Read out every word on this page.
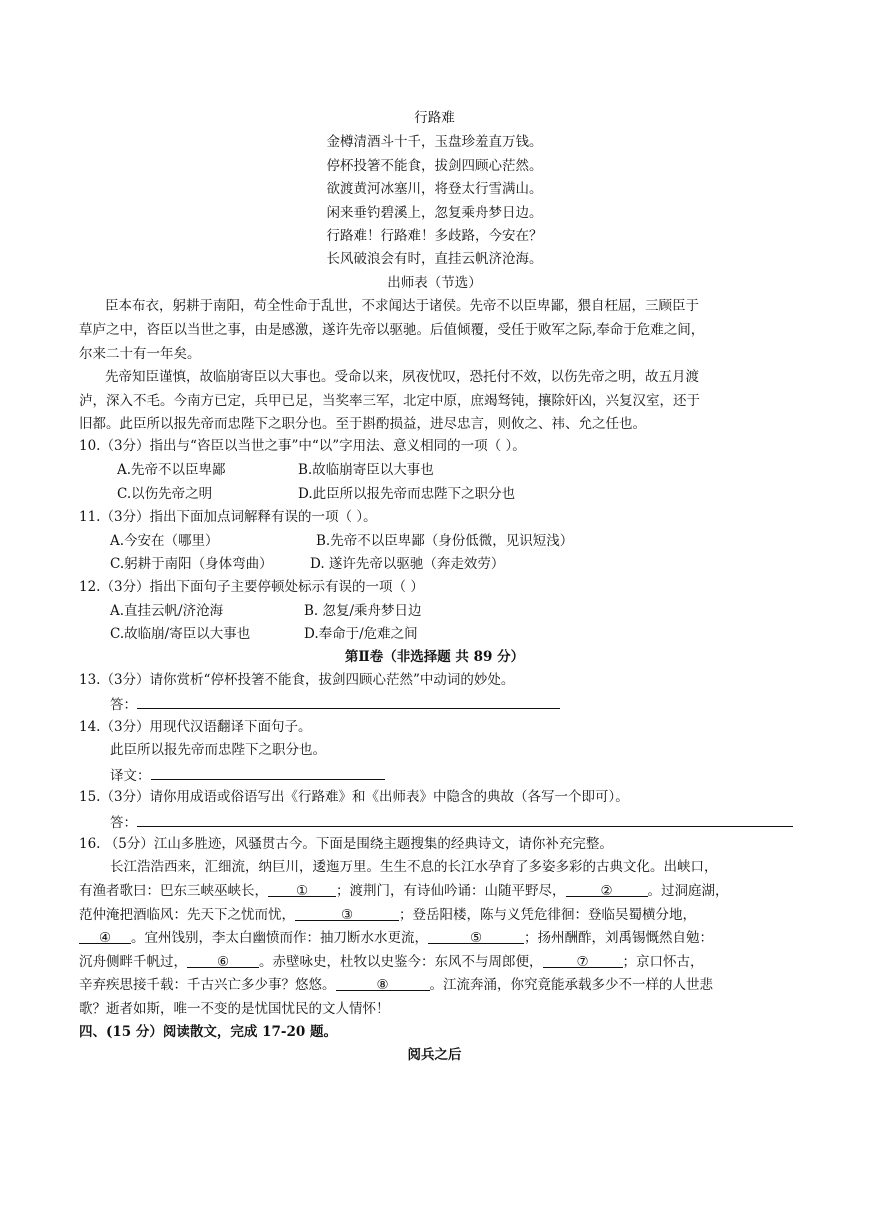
行路难
金樽清酒斗十千，玉盘珍羞直万钱。
停杯投箸不能食，拔剑四顾心茫然。
欲渡黄河冰塞川，将登太行雪满山。
闲来垂钓碧溪上，忽复乘舟梦日边。
行路难！行路难！多歧路，今安在？
长风破浪会有时，直挂云帆济沧海。
出师表（节选）
臣本布衣，躬耕于南阳，苟全性命于乱世，不求闻达于诸侯。先帝不以臣卑鄙，猥自枉屈，三顾臣于
草庐之中，咨臣以当世之事，由是感激，遂许先帝以驱驰。后值倾覆，受任于败军之际,奉命于危难之间，
尔来二十有一年矣。
先帝知臣谨慎，故临崩寄臣以大事也。受命以来，夙夜忧叹，恐托付不效，以伤先帝之明，故五月渡
泸，深入不毛。今南方已定，兵甲已足，当奖率三军，北定中原，庶竭驽钝，攘除奸凶，兴复汉室，还于
旧都。此臣所以报先帝而忠陛下之职分也。至于斟酌损益，进尽忠言，则攸之、祎、允之任也。
10.（3分）指出与“咨臣以当世之事”中“以”字用法、意义相同的一项（ ）。
A.先帝不以臣卑鄙	B.故临崩寄臣以大事也
C.以伤先帝之明	D.此臣所以报先帝而忠陛下之职分也
11.（3分）指出下面加点词解释有误的一项（ ）。
A.今安在（哪里）	B.先帝不以臣卑鄙（身份低微，见识短浅）
C.躬耕于南阳（身体弯曲）	D. 遂许先帝以驱驰（奔走效劳）
12.（3分）指出下面句子主要停顿处标示有误的一项（ ）
A.直挂云帆/济沧海	B. 忽复/乘舟梦日边
C.故临崩/寄臣以大事也	D.奉命于/危难之间
第Ⅱ卷（非选择题 共 89 分）
13.（3分）请你赏析“停杯投箸不能食，拔剑四顾心茫然”中动词的妙处。
答：
14.（3分）用现代汉语翻译下面句子。
此臣所以报先帝而忠陛下之职分也。
译文：
15.（3分）请你用成语或俗语写出《行路难》和《出师表》中隐含的典故（各写一个即可）。
答：
16. （5分）江山多胜迹，风骚贯古今。下面是围绕主题搜集的经典诗文，请你补充完整。
长江浩浩西来，汇细流，纳巨川，逶迤万里。生生不息的长江水孕育了多姿多彩的古典文化。出峡口，
有渔者歌曰：巴东三峡巫峡长， ① ；渡荆门，有诗仙吟诵：山随平野尽，	②	。过洞庭湖，
范仲淹把酒临风：先天下之忧而忧，	③	；登岳阳楼，陈与义凭危徘徊：登临吴蜀横分地，
④ 。宜州饯别，李太白幽愤而作：抽刀断水水更流，	⑤	；扬州酬酢，刘禹锡慨然自勉：
沉舟侧畔千帆过， ⑥ 。赤壁咏史，杜牧以史鉴今：东风不与周郎便，	⑦	；京口怀古，
辛弃疾思接千载：千古兴亡多少事？悠悠。	⑧	。江流奔涌，你究竟能承载多少不一样的人世悲
歌？逝者如斯，唯一不变的是忧国忧民的文人情怀！
四、(15 分）阅读散文，完成 17-20 题。
阅兵之后
